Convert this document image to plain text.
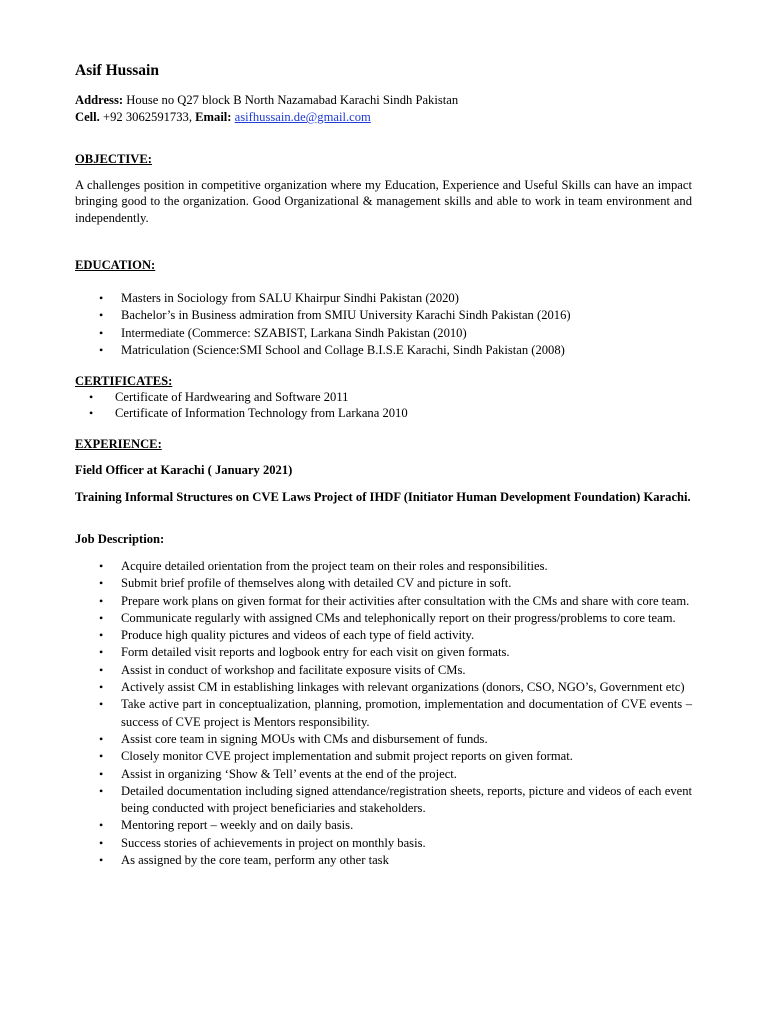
Asif Hussain
Address: House no Q27 block B North Nazamabad Karachi Sindh Pakistan
Cell. +92 3062591733, Email: asifhussain.de@gmail.com
OBJECTIVE:

A challenges position in competitive organization where my Education, Experience and Useful Skills can have an impact bringing good to the organization. Good Organizational & management skills and able to work in team environment and independently.

EDUCATION:
• Masters in Sociology from SALU Khairpur Sindhi Pakistan (2020)
• Bachelor’s in Business admiration from SMIU University Karachi Sindh Pakistan (2016)
• Intermediate (Commerce: SZABIST, Larkana Sindh Pakistan (2010)
• Matriculation (Science:SMI School and Collage B.I.S.E Karachi, Sindh Pakistan (2008)
CERTIFICATES:
• Certificate of Hardwearing and Software 2011
• Certificate of Information Technology from Larkana 2010
EXPERIENCE:
Field Officer at Karachi ( January 2021)

Training Informal Structures on CVE Laws Project of IHDF (Initiator Human Development Foundation) Karachi.

Job Description:
• Acquire detailed orientation from the project team on their roles and responsibilities.
• Submit brief profile of themselves along with detailed CV and picture in soft.
• Prepare work plans on given format for their activities after consultation with the CMs and share with core team.
• Communicate regularly with assigned CMs and telephonically report on their progress/problems to core team.
• Produce high quality pictures and videos of each type of field activity.
• Form detailed visit reports and logbook entry for each visit on given formats.
• Assist in conduct of workshop and facilitate exposure visits of CMs.
• Actively assist CM in establishing linkages with relevant organizations (donors, CSO, NGO’s, Government etc)
• Take active part in conceptualization, planning, promotion, implementation and documentation of CVE events – success of CVE project is Mentors responsibility.
• Assist core team in signing MOUs with CMs and disbursement of funds.
• Closely monitor CVE project implementation and submit project reports on given format.
• Assist in organizing ‘Show & Tell’ events at the end of the project.
• Detailed documentation including signed attendance/registration sheets, reports, picture and videos of each event being conducted with project beneficiaries and stakeholders.
• Mentoring report – weekly and on daily basis.
• Success stories of achievements in project on monthly basis.
• As assigned by the core team, perform any other task
